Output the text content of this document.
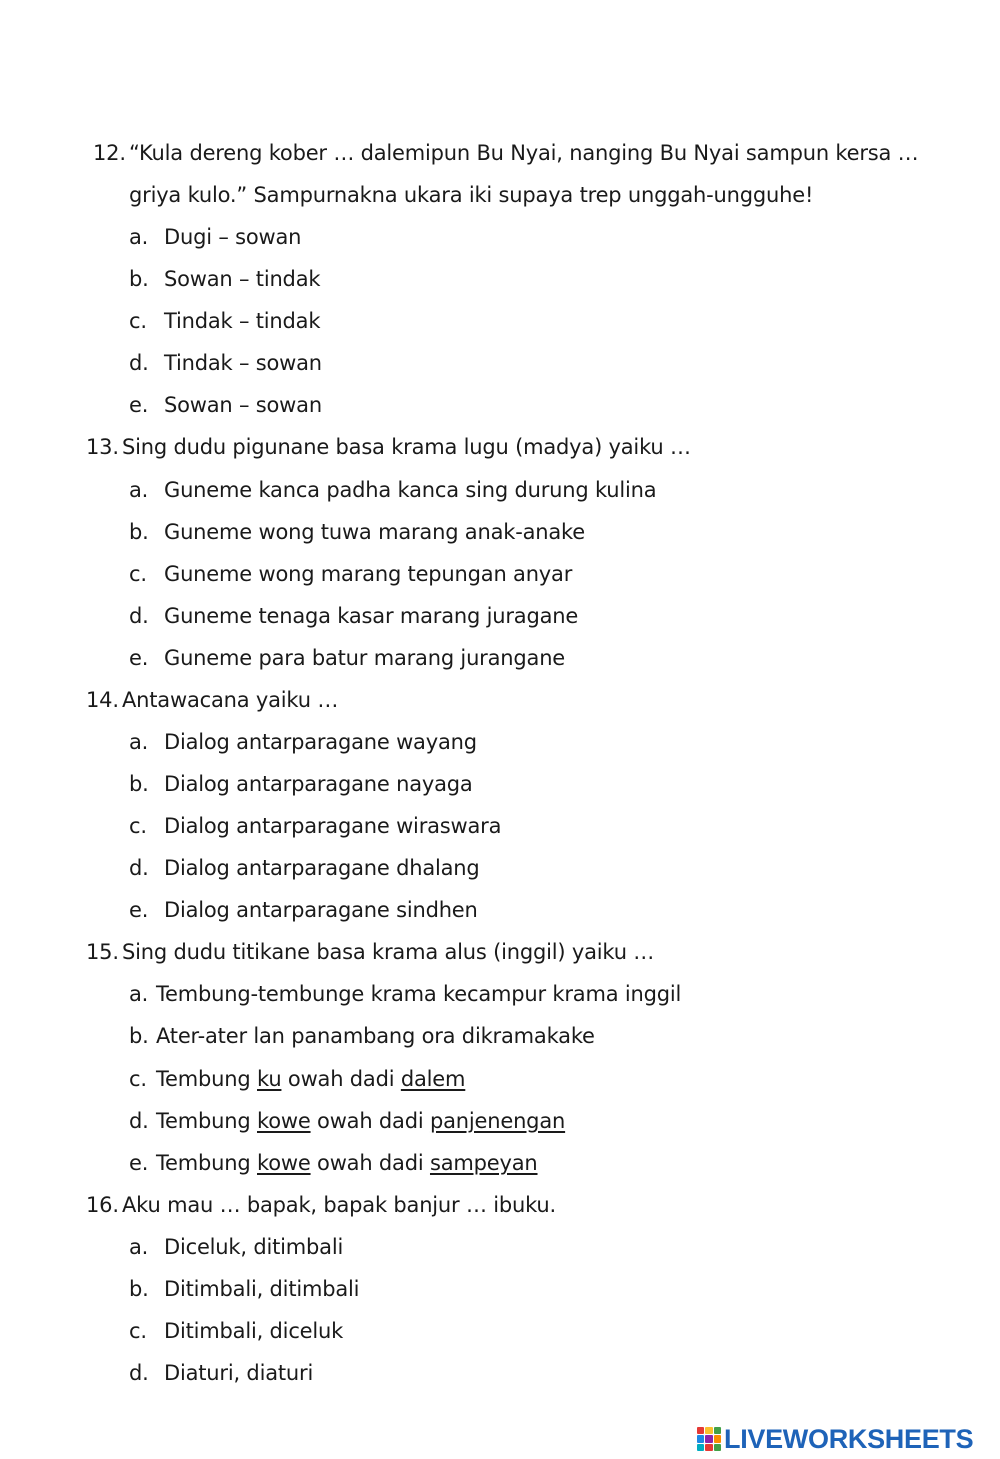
12. “Kula dereng kober … dalemipun Bu Nyai, nanging Bu Nyai sampun kersa …
griya kulo.” Sampurnakna ukara iki supaya trep unggah-ungguhe!
a. Dugi – sowan
b. Sowan – tindak
c. Tindak – tindak
d. Tindak – sowan
e. Sowan – sowan
13. Sing dudu pigunane basa krama lugu (madya) yaiku …
a. Guneme kanca padha kanca sing durung kulina
b. Guneme wong tuwa marang anak-anake
c. Guneme wong marang tepungan anyar
d. Guneme tenaga kasar marang juragane
e. Guneme para batur marang jurangane
14. Antawacana yaiku …
a. Dialog antarparagane wayang
b. Dialog antarparagane nayaga
c. Dialog antarparagane wiraswara
d. Dialog antarparagane dhalang
e. Dialog antarparagane sindhen
15. Sing dudu titikane basa krama alus (inggil) yaiku …
a. Tembung-tembunge krama kecampur krama inggil
b. Ater-ater lan panambang ora dikramakake
c. Tembung ku owah dadi dalem
d. Tembung kowe owah dadi panjenengan
e. Tembung kowe owah dadi sampeyan
16. Aku mau … bapak, bapak banjur … ibuku.
a. Diceluk, ditimbali
b. Ditimbali, ditimbali
c. Ditimbali, diceluk
d. Diaturi, diaturi
LIVEWORKSHEETS
